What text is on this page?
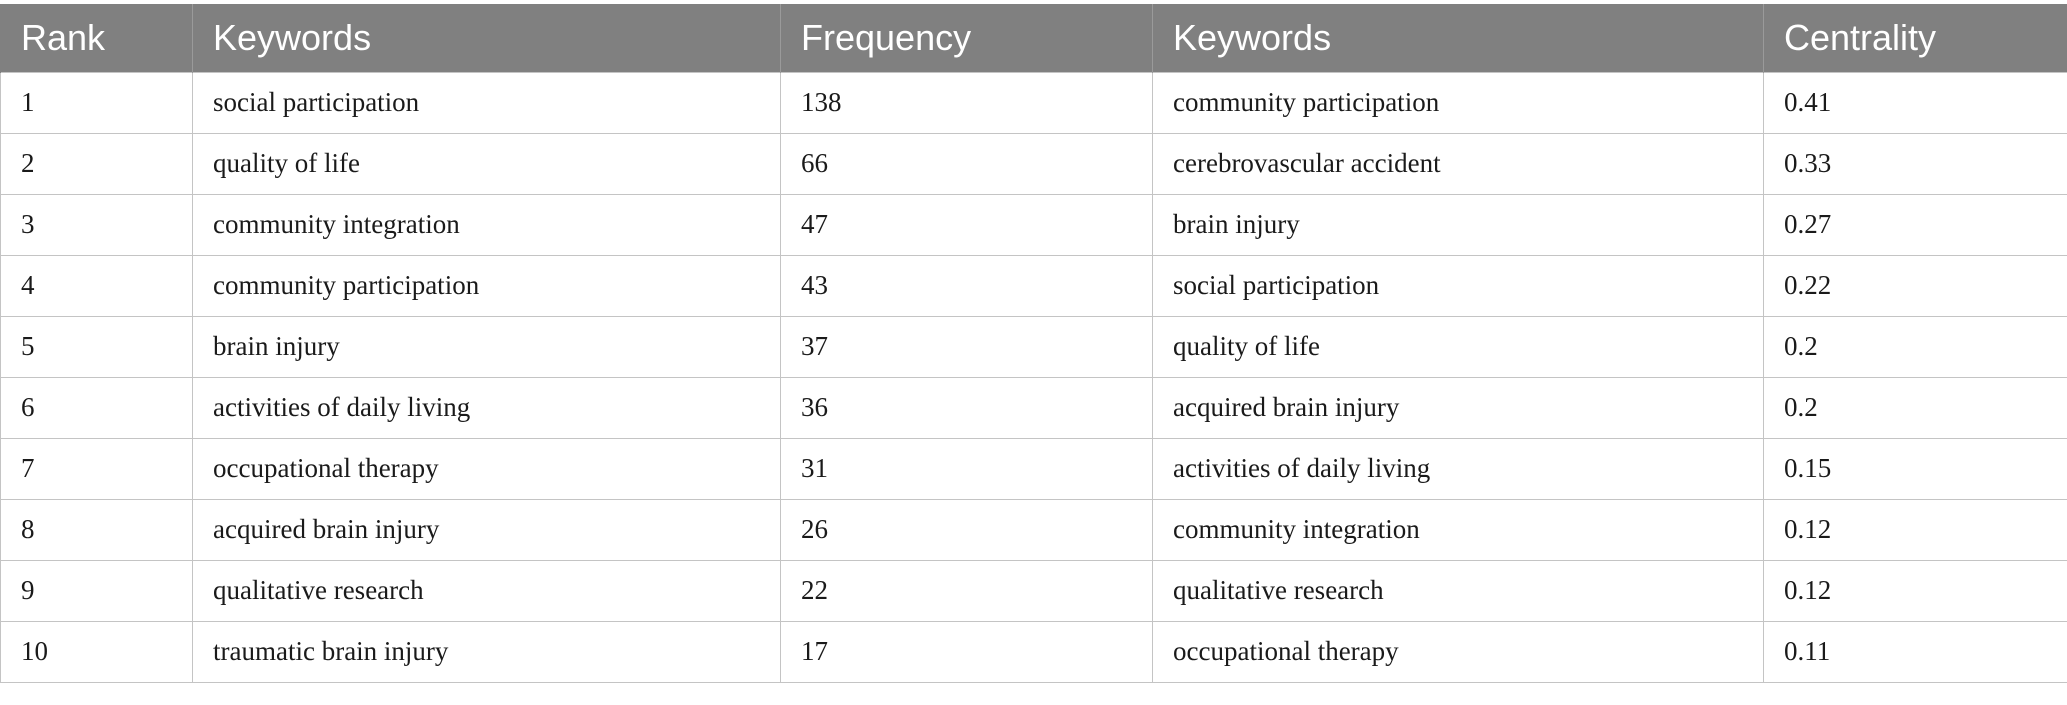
Rank	Keywords	Frequency	Keywords	Centrality
1	social participation	138	community participation	0.41
2	quality of life	66	cerebrovascular accident	0.33
3	community integration	47	brain injury	0.27
4	community participation	43	social participation	0.22
5	brain injury	37	quality of life	0.2
6	activities of daily living	36	acquired brain injury	0.2
7	occupational therapy	31	activities of daily living	0.15
8	acquired brain injury	26	community integration	0.12
9	qualitative research	22	qualitative research	0.12
10	traumatic brain injury	17	occupational therapy	0.11
